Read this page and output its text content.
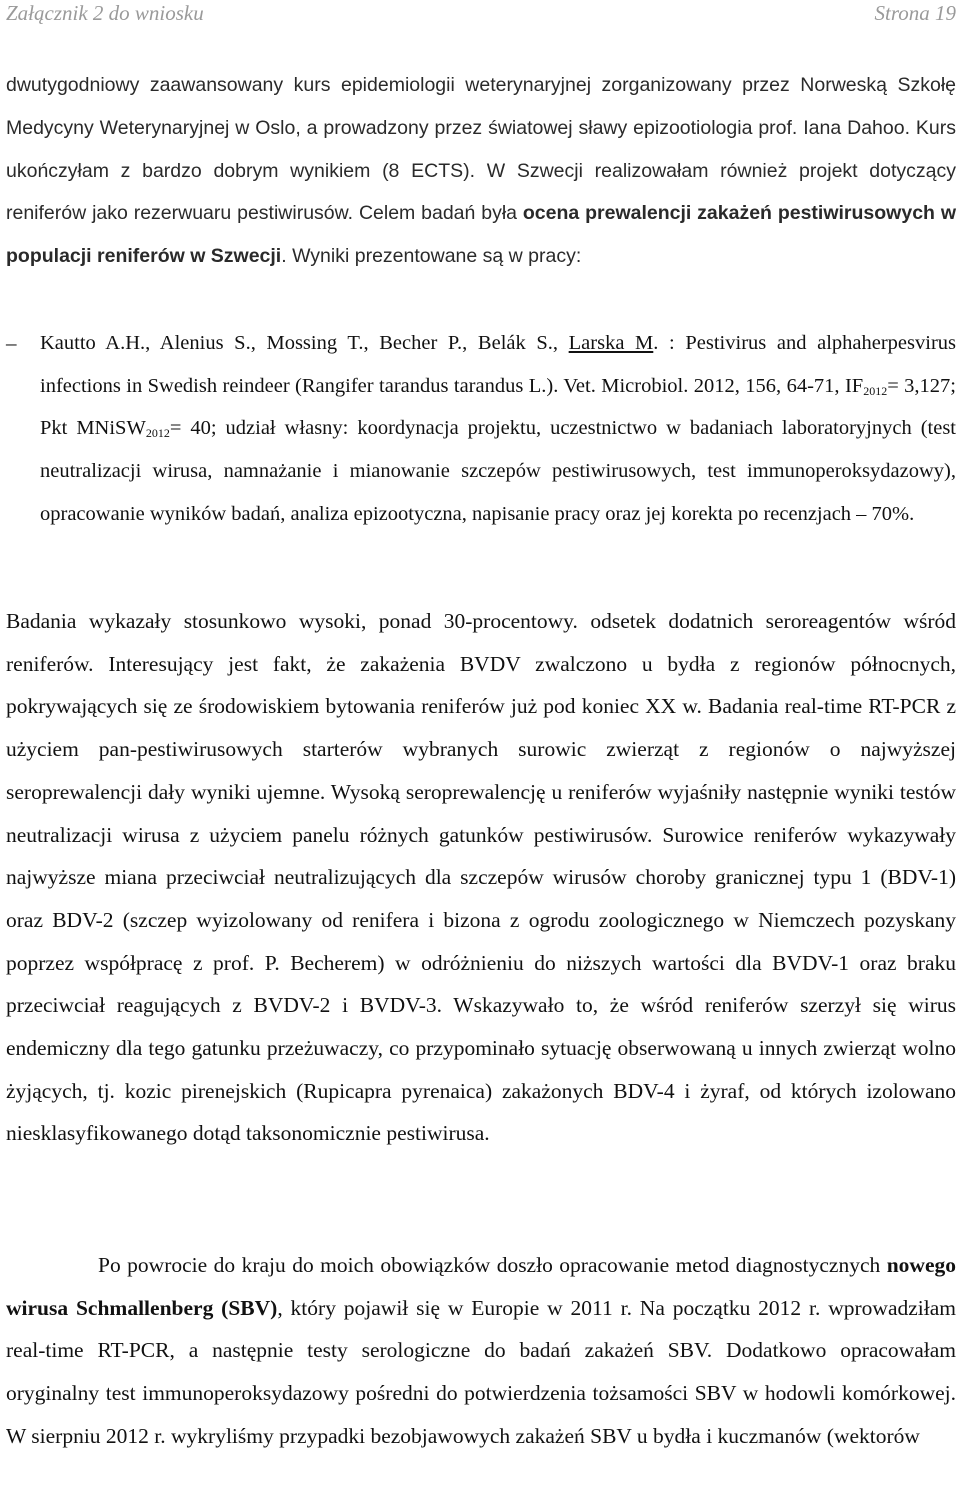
Załącznik 2 do wniosku	Strona 19
dwutygodniowy zaawansowany kurs epidemiologii weterynaryjnej zorganizowany przez Norweską Szkołę Medycyny Weterynaryjnej w Oslo, a prowadzony przez światowej sławy epizootiologia prof. Iana Dahoo. Kurs ukończyłam z bardzo dobrym wynikiem (8 ECTS). W Szwecji realizowałam również projekt dotyczący reniferów jako rezerwuaru pestiwirusów. Celem badań była ocena prewalencji zakażeń pestiwirusowych w populacji reniferów w Szwecji. Wyniki prezentowane są w pracy:
– Kautto A.H., Alenius S., Mossing T., Becher P., Belák S., Larska M. : Pestivirus and alphaherpesvirus infections in Swedish reindeer (Rangifer tarandus tarandus L.). Vet. Microbiol. 2012, 156, 64-71, $IF_{2012}= 3,127$; Pkt MNiSW$_{2012}$= 40; udział własny: koordynacja projektu, uczestnictwo w badaniach laboratoryjnych (test neutralizacji wirusa, namnażanie i mianowanie szczepów pestiwirusowych, test immunoperoksydazowy), opracowanie wyników badań, analiza epizootyczna, napisanie pracy oraz jej korekta po recenzjach – 70%.
Badania wykazały stosunkowo wysoki, ponad 30-procentowy. odsetek dodatnich seroreagentów wśród reniferów. Interesujący jest fakt, że zakażenia BVDV zwalczono u bydła z regionów północnych, pokrywających się ze środowiskiem bytowania reniferów już pod koniec XX w. Badania real-time RT-PCR z użyciem pan-pestiwirusowych starterów wybranych surowic zwierząt z regionów o najwyższej seroprewalencji dały wyniki ujemne. Wysoką seroprewalencję u reniferów wyjaśniły następnie wyniki testów neutralizacji wirusa z użyciem panelu różnych gatunków pestiwirusów. Surowice reniferów wykazywały najwyższe miana przeciwciał neutralizujących dla szczepów wirusów choroby granicznej typu 1 (BDV-1) oraz BDV-2 (szczep wyizolowany od renifera i bizona z ogrodu zoologicznego w Niemczech pozyskany poprzez współpracę z prof. P. Becherem) w odróżnieniu do niższych wartości dla BVDV-1 oraz braku przeciwciał reagujących z BVDV-2 i BVDV-3. Wskazywało to, że wśród reniferów szerzył się wirus endemiczny dla tego gatunku przeżuwaczy, co przypominało sytuację obserwowaną u innych zwierząt wolno żyjących, tj. kozic pirenejskich (Rupicapra pyrenaica) zakażonych BDV-4 i żyraf, od których izolowano niesklasyfikowanego dotąd taksonomicznie pestiwirusa.
Po powrocie do kraju do moich obowiązków doszło opracowanie metod diagnostycznych nowego wirusa Schmallenberg (SBV), który pojawił się w Europie w 2011 r. Na początku 2012 r. wprowadziłam real-time RT-PCR, a następnie testy serologiczne do badań zakażeń SBV. Dodatkowo opracowałam oryginalny test immunoperoksydazowy pośredni do potwierdzenia tożsamości SBV w hodowli komórkowej. W sierpniu 2012 r. wykryliśmy przypadki bezobjawowych zakażeń SBV u bydła i kuczmanów (wektorów
